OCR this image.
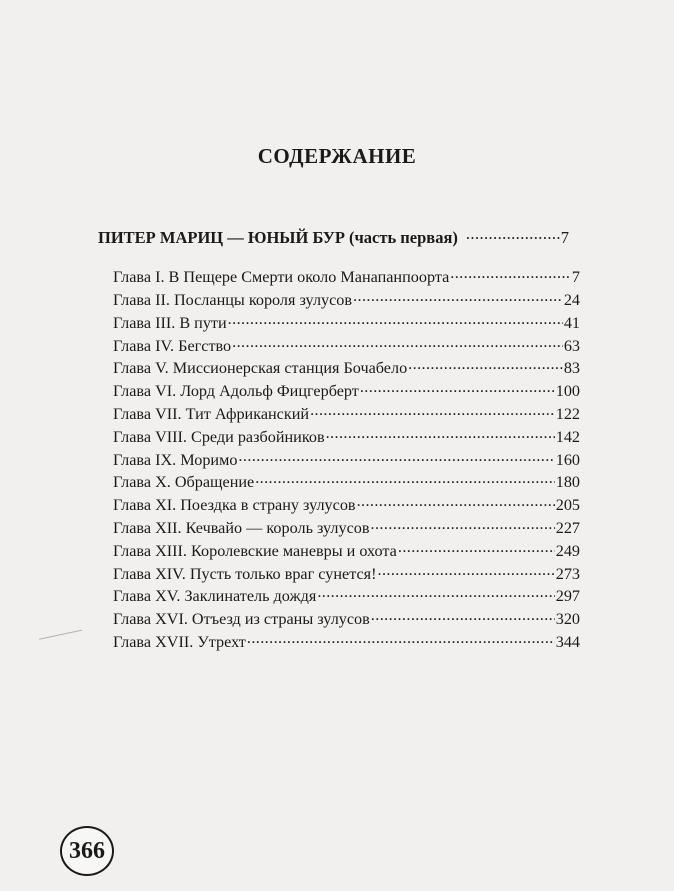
СОДЕРЖАНИЕ
ПИТЕР МАРИЦ — ЮНЫЙ БУР (часть первая) .....	7
Глава I. В Пещере Смерти около Манапанпоорта .....	7
Глава II. Посланцы короля зулусов .....	24
Глава III. В пути .....	41
Глава IV. Бегство .....	63
Глава V. Миссионерская станция Бочабело .....	83
Глава VI. Лорд Адольф Фицгерберт .....	100
Глава VII. Тит Африканский .....	122
Глава VIII. Среди разбойников .....	142
Глава IX. Моримо .....	160
Глава X. Обращение .....	180
Глава XI. Поездка в страну зулусов .....	205
Глава XII. Кечвайо — король зулусов .....	227
Глава XIII. Королевские маневры и охота .....	249
Глава XIV. Пусть только враг сунется! .....	273
Глава XV. Заклинатель дождя .....	297
Глава XVI. Отъезд из страны зулусов .....	320
Глава XVII. Утрехт .....	344
366
